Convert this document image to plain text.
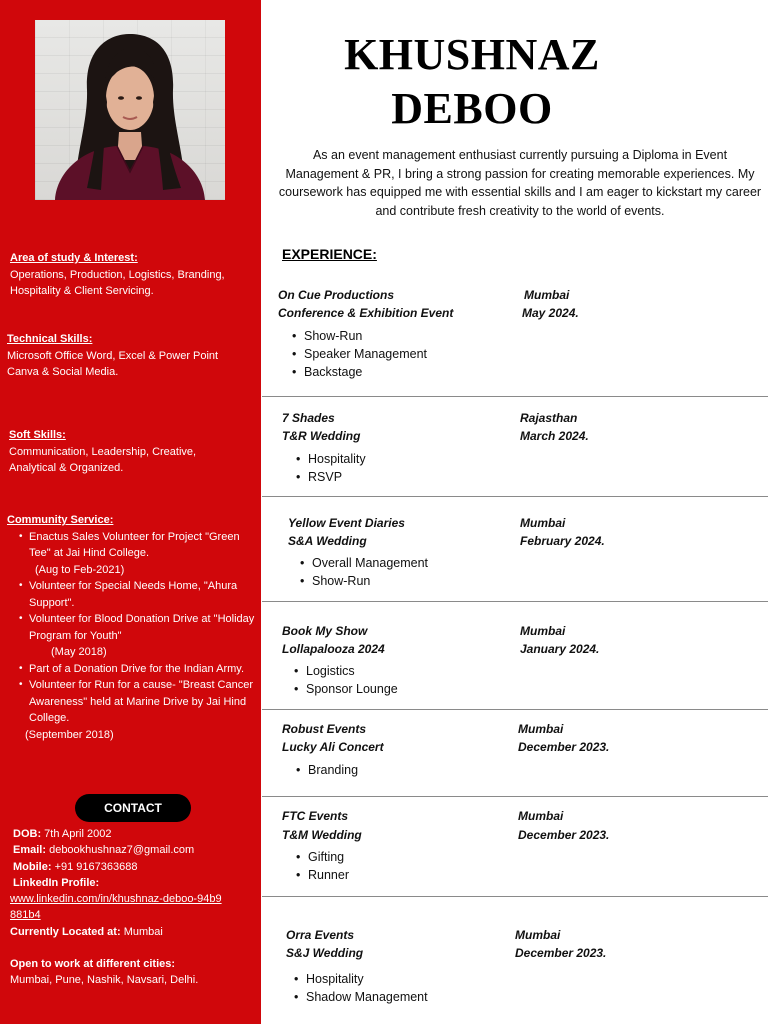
Area of study & Interest:
Operations, Production, Logistics, Branding, Hospitality & Client Servicing.
Technical Skills:
Microsoft Office Word, Excel & Power Point
Canva & Social Media.
Soft Skills:
Communication, Leadership, Creative, Analytical & Organized.
Community Service:
• Enactus Sales Volunteer for Project "Green Tee" at Jai Hind College.
(Aug to Feb-2021)
• Volunteer for Special Needs Home, "Ahura Support".
• Volunteer for Blood Donation Drive at "Holiday Program for Youth"
(May 2018)
• Part of a Donation Drive for the Indian Army.
• Volunteer for Run for a cause- "Breast Cancer Awareness" held at Marine Drive by Jai Hind College.
(September 2018)
CONTACT
DOB: 7th April 2002
Email: debookhushnaz7@gmail.com
Mobile: +91 9167363688
LinkedIn Profile:
www.linkedin.com/in/khushnaz-deboo-94b9881b4
Currently Located at: Mumbai
Open to work at different cities:
Mumbai, Pune, Nashik, Navsari, Delhi.
KHUSHNAZ
DEBOO
As an event management enthusiast currently pursuing a Diploma in Event Management & PR, I bring a strong passion for creating memorable experiences. My coursework has equipped me with essential skills and I am eager to kickstart my career and contribute fresh creativity to the world of events.
EXPERIENCE:
On Cue Productions
Conference & Exhibition Event
Mumbai
May 2024.
• Show-Run
• Speaker Management
• Backstage
7 Shades
T&R Wedding
Rajasthan
March 2024.
• Hospitality
• RSVP
Yellow Event Diaries
S&A Wedding
Mumbai
February 2024.
• Overall Management
• Show-Run
Book My Show
Lollapalooza 2024
Mumbai
January 2024.
• Logistics
• Sponsor Lounge
Robust Events
Lucky Ali Concert
Mumbai
December 2023.
• Branding
FTC Events
T&M Wedding
Mumbai
December 2023.
• Gifting
• Runner
Orra Events
S&J Wedding
Mumbai
December 2023.
• Hospitality
• Shadow Management
